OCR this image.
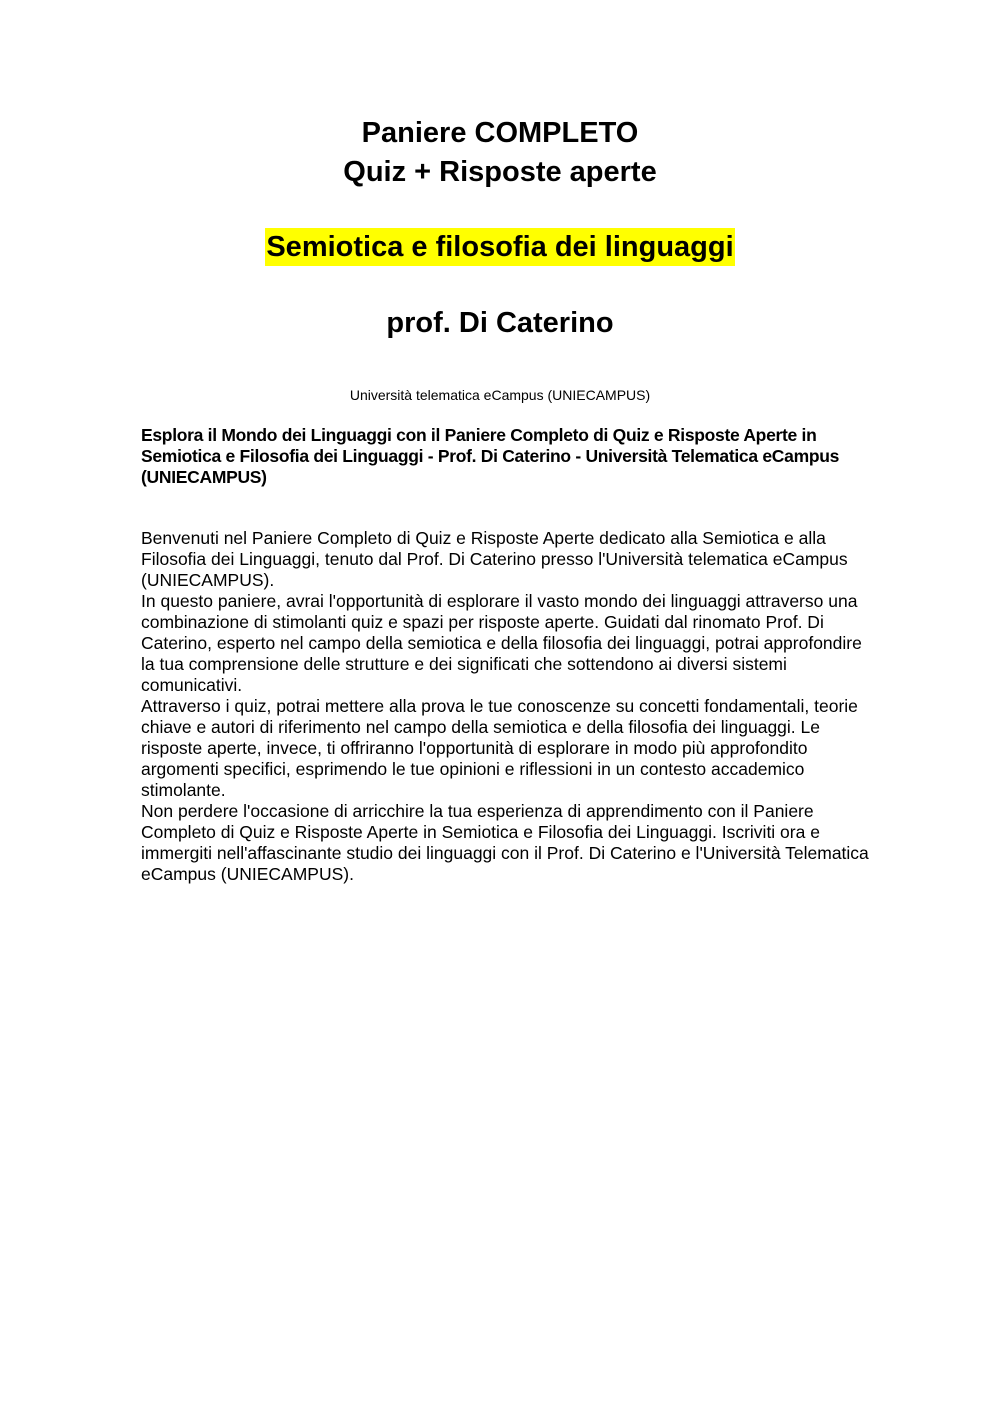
Paniere COMPLETO
Quiz + Risposte aperte
Semiotica e filosofia dei linguaggi
prof. Di Caterino
Università telematica eCampus (UNIECAMPUS)
Esplora il Mondo dei Linguaggi con il Paniere Completo di Quiz e Risposte Aperte in Semiotica e Filosofia dei Linguaggi - Prof. Di Caterino - Università Telematica eCampus (UNIECAMPUS)

Benvenuti nel Paniere Completo di Quiz e Risposte Aperte dedicato alla Semiotica e alla Filosofia dei Linguaggi, tenuto dal Prof. Di Caterino presso l'Università telematica eCampus (UNIECAMPUS).

In questo paniere, avrai l'opportunità di esplorare il vasto mondo dei linguaggi attraverso una combinazione di stimolanti quiz e spazi per risposte aperte. Guidati dal rinomato Prof. Di Caterino, esperto nel campo della semiotica e della filosofia dei linguaggi, potrai approfondire la tua comprensione delle strutture e dei significati che sottendono ai diversi sistemi comunicativi.

Attraverso i quiz, potrai mettere alla prova le tue conoscenze su concetti fondamentali, teorie chiave e autori di riferimento nel campo della semiotica e della filosofia dei linguaggi. Le risposte aperte, invece, ti offriranno l'opportunità di esplorare in modo più approfondito argomenti specifici, esprimendo le tue opinioni e riflessioni in un contesto accademico stimolante.

Non perdere l'occasione di arricchire la tua esperienza di apprendimento con il Paniere Completo di Quiz e Risposte Aperte in Semiotica e Filosofia dei Linguaggi. Iscriviti ora e immergiti nell'affascinante studio dei linguaggi con il Prof. Di Caterino e l'Università Telematica eCampus (UNIECAMPUS).
